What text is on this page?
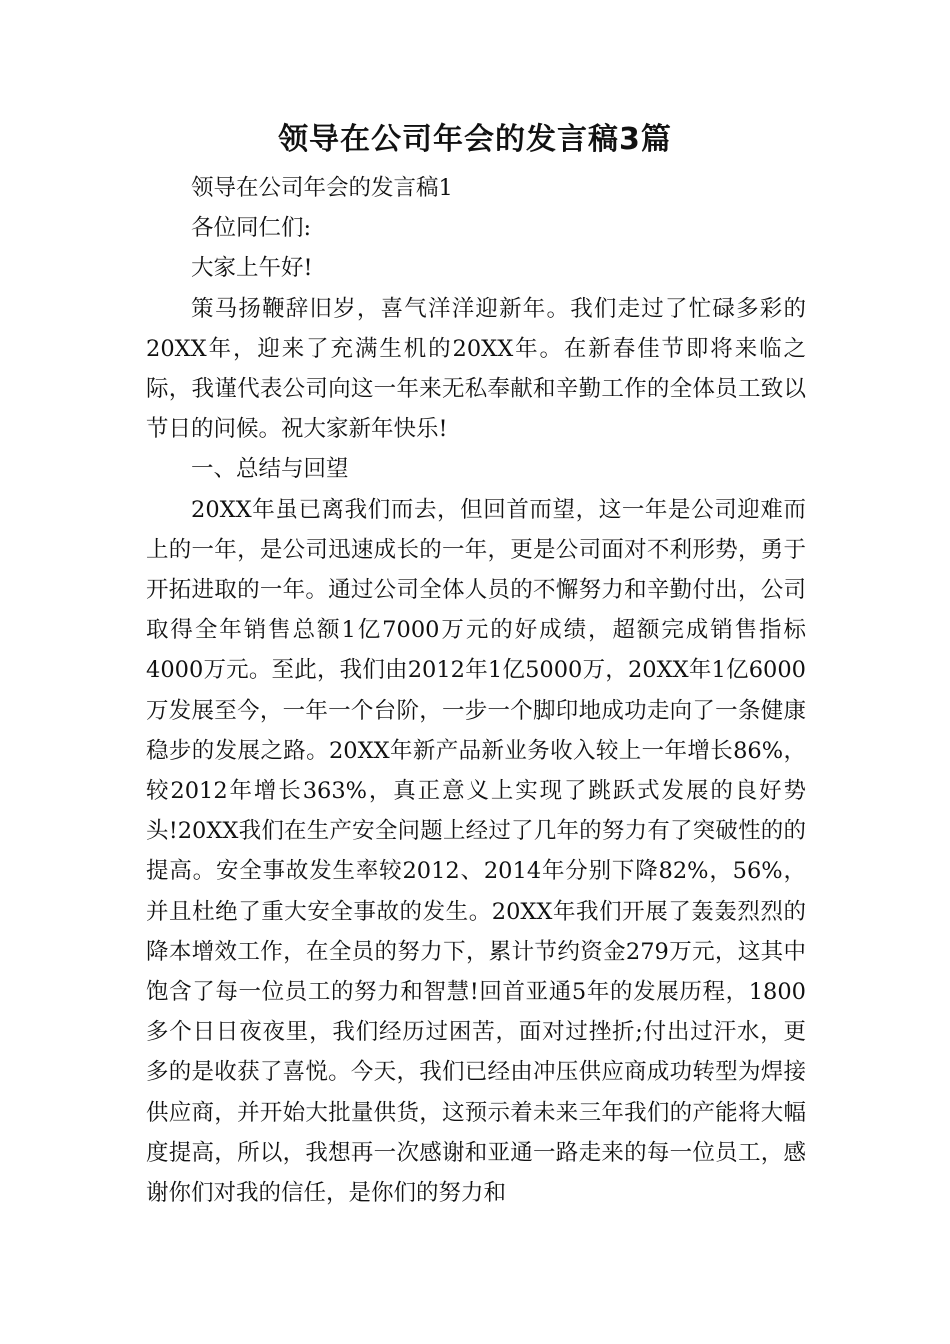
领导在公司年会的发言稿3篇

领导在公司年会的发言稿1

各位同仁们:

大家上午好!

策马扬鞭辞旧岁，喜气洋洋迎新年。我们走过了忙碌多彩的20XX年，迎来了充满生机的20XX年。在新春佳节即将来临之际，我谨代表公司向这一年来无私奉献和辛勤工作的全体员工致以节日的问候。祝大家新年快乐!

一、总结与回望

20XX年虽已离我们而去，但回首而望，这一年是公司迎难而上的一年，是公司迅速成长的一年，更是公司面对不利形势，勇于开拓进取的一年。通过公司全体人员的不懈努力和辛勤付出，公司取得全年销售总额1亿7000万元的好成绩，超额完成销售指标4000万元。至此，我们由2012年1亿5000万，20XX年1亿6000万发展至今，一年一个台阶，一步一个脚印地成功走向了一条健康稳步的发展之路。20XX年新产品新业务收入较上一年增长86%，较2012年增长363%，真正意义上实现了跳跃式发展的良好势头!20XX我们在生产安全问题上经过了几年的努力有了突破性的的提高。安全事故发生率较2012、2014年分别下降82%，56%，并且杜绝了重大安全事故的发生。20XX年我们开展了轰轰烈烈的降本增效工作，在全员的努力下，累计节约资金279万元，这其中饱含了每一位员工的努力和智慧!回首亚通5年的发展历程，1800多个日日夜夜里，我们经历过困苦，面对过挫折;付出过汗水，更多的是收获了喜悦。今天，我们已经由冲压供应商成功转型为焊接供应商，并开始大批量供货，这预示着未来三年我们的产能将大幅度提高，所以，我想再一次感谢和亚通一路走来的每一位员工，感谢你们对我的信任，是你们的努力和
